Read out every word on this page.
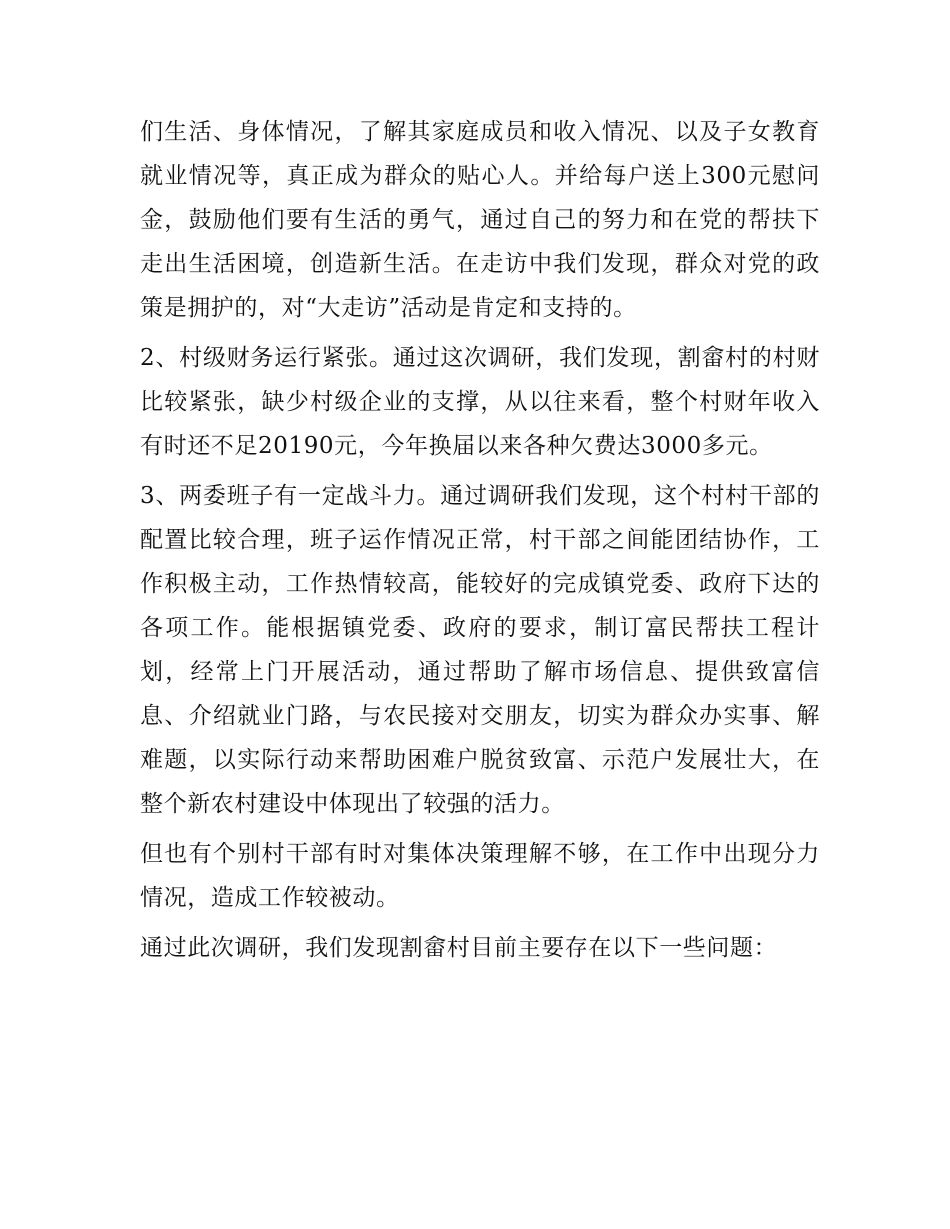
们生活、身体情况，了解其家庭成员和收入情况、以及子女教育就业情况等，真正成为群众的贴心人。并给每户送上300元慰问金，鼓励他们要有生活的勇气，通过自己的努力和在党的帮扶下走出生活困境，创造新生活。在走访中我们发现，群众对党的政策是拥护的，对“大走访”活动是肯定和支持的。

2、村级财务运行紧张。通过这次调研，我们发现，割畲村的村财比较紧张，缺少村级企业的支撑，从以往来看，整个村财年收入有时还不足20190元，今年换届以来各种欠费达3000多元。

3、两委班子有一定战斗力。通过调研我们发现，这个村村干部的配置比较合理，班子运作情况正常，村干部之间能团结协作，工作积极主动，工作热情较高，能较好的完成镇党委、政府下达的各项工作。能根据镇党委、政府的要求，制订富民帮扶工程计划，经常上门开展活动，通过帮助了解市场信息、提供致富信息、介绍就业门路，与农民接对交朋友，切实为群众办实事、解难题，以实际行动来帮助困难户脱贫致富、示范户发展壮大，在整个新农村建设中体现出了较强的活力。

但也有个别村干部有时对集体决策理解不够，在工作中出现分力情况，造成工作较被动。

通过此次调研，我们发现割畲村目前主要存在以下一些问题：
